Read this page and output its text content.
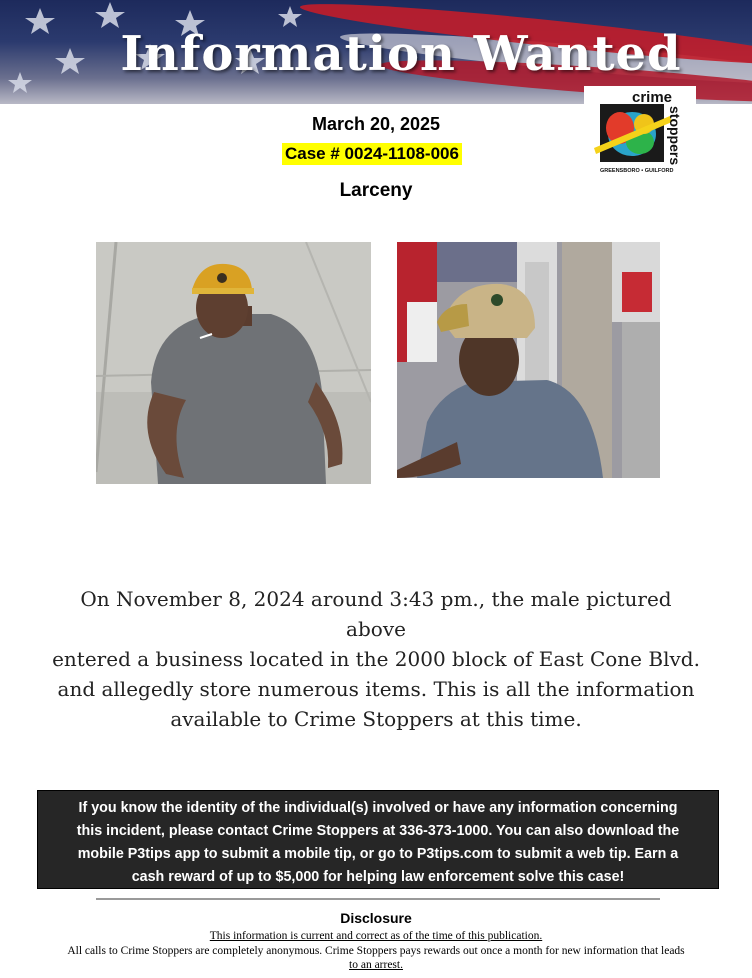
Information Wanted
crime
stoppers
GREENSBORO • GUILFORD
March 20, 2025
Case # 0024-1108-006
Larceny

On November 8, 2024 around 3:43 pm., the male pictured above
entered a business located in the 2000 block of East Cone Blvd.
and allegedly store numerous items. This is all the information
available to Crime Stoppers at this time.

If you know the identity of the individual(s) involved or have any information concerning
this incident, please contact Crime Stoppers at 336-373-1000. You can also download the
mobile P3tips app to submit a mobile tip, or go to P3tips.com to submit a web tip. Earn a
cash reward of up to $5,000 for helping law enforcement solve this case!

Disclosure

This information is current and correct as of the time of this publication.

All calls to Crime Stoppers are completely anonymous. Crime Stoppers pays rewards out once a month for new information that leads
to an arrest.
